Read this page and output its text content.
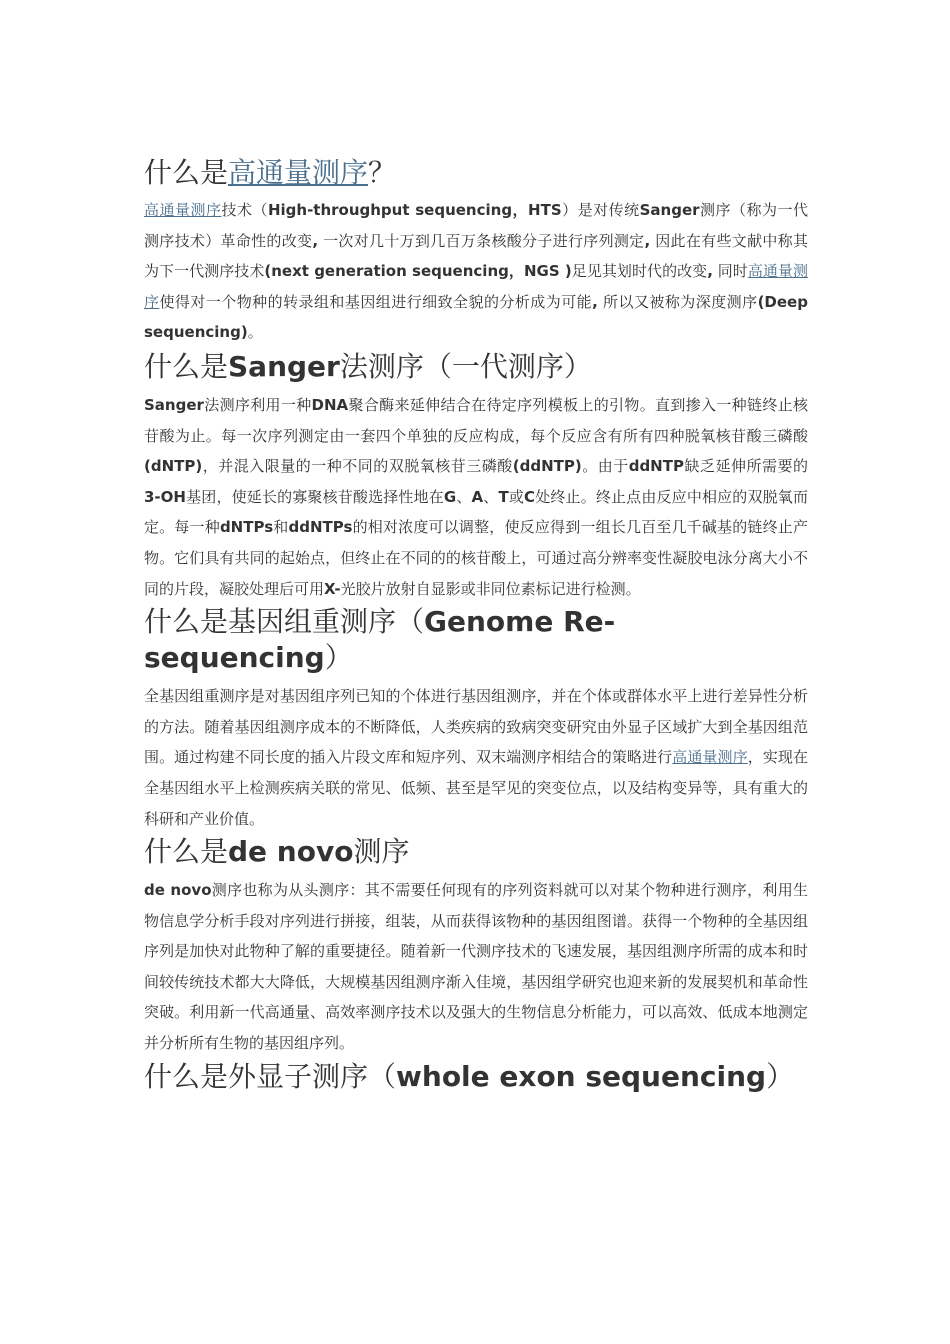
什么是高通量测序？

高通量测序技术（High-throughput sequencing，HTS）是对传统Sanger测序（称为一代测序技术）革命性的改变, 一次对几十万到几百万条核酸分子进行序列测定, 因此在有些文献中称其为下一代测序技术(next generation sequencing，NGS )足见其划时代的改变, 同时高通量测序使得对一个物种的转录组和基因组进行细致全貌的分析成为可能, 所以又被称为深度测序(Deep sequencing)。

什么是Sanger法测序（一代测序）

Sanger法测序利用一种DNA聚合酶来延伸结合在待定序列模板上的引物。直到掺入一种链终止核苷酸为止。每一次序列测定由一套四个单独的反应构成，每个反应含有所有四种脱氧核苷酸三磷酸(dNTP)，并混入限量的一种不同的双脱氧核苷三磷酸(ddNTP)。由于ddNTP缺乏延伸所需要的3-OH基团，使延长的寡聚核苷酸选择性地在G、A、T或C处终止。终止点由反应中相应的双脱氧而定。每一种dNTPs和ddNTPs的相对浓度可以调整，使反应得到一组长几百至几千碱基的链终止产物。它们具有共同的起始点，但终止在不同的的核苷酸上，可通过高分辨率变性凝胶电泳分离大小不同的片段，凝胶处理后可用X-光胶片放射自显影或非同位素标记进行检测。

什么是基因组重测序（Genome Re-sequencing）

全基因组重测序是对基因组序列已知的个体进行基因组测序，并在个体或群体水平上进行差异性分析的方法。随着基因组测序成本的不断降低，人类疾病的致病突变研究由外显子区域扩大到全基因组范围。通过构建不同长度的插入片段文库和短序列、双末端测序相结合的策略进行高通量测序，实现在全基因组水平上检测疾病关联的常见、低频、甚至是罕见的突变位点，以及结构变异等，具有重大的科研和产业价值。

什么是de novo测序

de novo测序也称为从头测序：其不需要任何现有的序列资料就可以对某个物种进行测序，利用生物信息学分析手段对序列进行拼接，组装，从而获得该物种的基因组图谱。获得一个物种的全基因组序列是加快对此物种了解的重要捷径。随着新一代测序技术的飞速发展，基因组测序所需的成本和时间较传统技术都大大降低，大规模基因组测序渐入佳境，基因组学研究也迎来新的发展契机和革命性突破。利用新一代高通量、高效率测序技术以及强大的生物信息分析能力，可以高效、低成本地测定并分析所有生物的基因组序列。

什么是外显子测序（whole exon sequencing）
